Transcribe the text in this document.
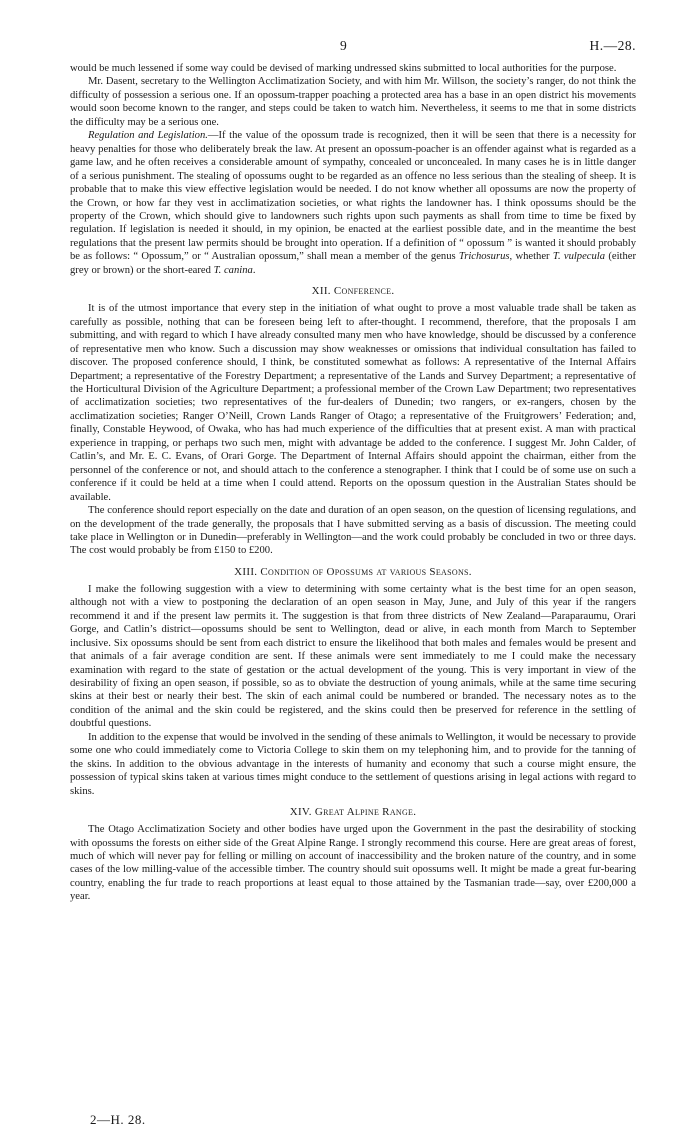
9	H.—28.

would be much lessened if some way could be devised of marking undressed skins submitted to local authorities for the purpose.

Mr. Dasent, secretary to the Wellington Acclimatization Society, and with him Mr. Willson, the society’s ranger, do not think the difficulty of possession a serious one. If an opossum-trapper poaching a protected area has a base in an open district his movements would soon become known to the ranger, and steps could be taken to watch him. Nevertheless, it seems to me that in some districts the difficulty may be a serious one.

Regulation and Legislation.—If the value of the opossum trade is recognized, then it will be seen that there is a necessity for heavy penalties for those who deliberately break the law. At present an opossum-poacher is an offender against what is regarded as a game law, and he often receives a considerable amount of sympathy, concealed or unconcealed. In many cases he is in little danger of a serious punishment. The stealing of opossums ought to be regarded as an offence no less serious than the stealing of sheep. It is probable that to make this view effective legislation would be needed. I do not know whether all opossums are now the property of the Crown, or how far they vest in acclimatization societies, or what rights the landowner has. I think opossums should be the property of the Crown, which should give to landowners such rights upon such payments as shall from time to time be fixed by regulation. If legislation is needed it should, in my opinion, be enacted at the earliest possible date, and in the meantime the best regulations that the present law permits should be brought into operation. If a definition of “ opossum ” is wanted it should probably be as follows: “ Opossum,” or “ Australian opossum,” shall mean a member of the genus Trichosurus, whether T. vulpecula (either grey or brown) or the short-eared T. canina.

XII. Conference.

It is of the utmost importance that every step in the initiation of what ought to prove a most valuable trade shall be taken as carefully as possible, nothing that can be foreseen being left to after-thought. I recommend, therefore, that the proposals I am submitting, and with regard to which I have already consulted many men who have knowledge, should be discussed by a conference of representative men who know. Such a discussion may show weaknesses or omissions that individual consultation has failed to discover. The proposed conference should, I think, be constituted somewhat as follows: A representative of the Internal Affairs Department; a representative of the Forestry Department; a representative of the Lands and Survey Department; a representative of the Horticultural Division of the Agriculture Department; a professional member of the Crown Law Department; two representatives of acclimatization societies; two representatives of the fur-dealers of Dunedin; two rangers, or ex-rangers, chosen by the acclimatization societies; Ranger O’Neill, Crown Lands Ranger of Otago; a representative of the Fruitgrowers’ Federation; and, finally, Constable Heywood, of Owaka, who has had much experience of the difficulties that at present exist. A man with practical experience in trapping, or perhaps two such men, might with advantage be added to the conference. I suggest Mr. John Calder, of Catlin’s, and Mr. E. C. Evans, of Orari Gorge. The Department of Internal Affairs should appoint the chairman, either from the personnel of the conference or not, and should attach to the conference a stenographer. I think that I could be of some use on such a conference if it could be held at a time when I could attend. Reports on the opossum question in the Australian States should be available.

The conference should report especially on the date and duration of an open season, on the question of licensing regulations, and on the development of the trade generally, the proposals that I have submitted serving as a basis of discussion. The meeting could take place in Wellington or in Dunedin—preferably in Wellington—and the work could probably be concluded in two or three days. The cost would probably be from £150 to £200.

XIII. Condition of Opossums at various Seasons.

I make the following suggestion with a view to determining with some certainty what is the best time for an open season, although not with a view to postponing the declaration of an open season in May, June, and July of this year if the rangers recommend it and if the present law permits it. The suggestion is that from three districts of New Zealand—Paraparaumu, Orari Gorge, and Catlin’s district—opossums should be sent to Wellington, dead or alive, in each month from March to September inclusive. Six opossums should be sent from each district to ensure the likelihood that both males and females would be present and that animals of a fair average condition are sent. If these animals were sent immediately to me I could make the necessary examination with regard to the state of gestation or the actual development of the young. This is very important in view of the desirability of fixing an open season, if possible, so as to obviate the destruction of young animals, while at the same time securing skins at their best or nearly their best. The skin of each animal could be numbered or branded. The necessary notes as to the condition of the animal and the skin could be registered, and the skins could then be preserved for reference in the settling of doubtful questions.

In addition to the expense that would be involved in the sending of these animals to Wellington, it would be necessary to provide some one who could immediately come to Victoria College to skin them on my telephoning him, and to provide for the tanning of the skins. In addition to the obvious advantage in the interests of humanity and economy that such a course might ensure, the possession of typical skins taken at various times might conduce to the settlement of questions arising in legal actions with regard to skins.

XIV. Great Alpine Range.

The Otago Acclimatization Society and other bodies have urged upon the Government in the past the desirability of stocking with opossums the forests on either side of the Great Alpine Range. I strongly recommend this course. Here are great areas of forest, much of which will never pay for felling or milling on account of inaccessibility and the broken nature of the country, and in some cases of the low milling-value of the accessible timber. The country should suit opossums well. It might be made a great fur-bearing country, enabling the fur trade to reach proportions at least equal to those attained by the Tasmanian trade—say, over £200,000 a year.

2—H. 28.
